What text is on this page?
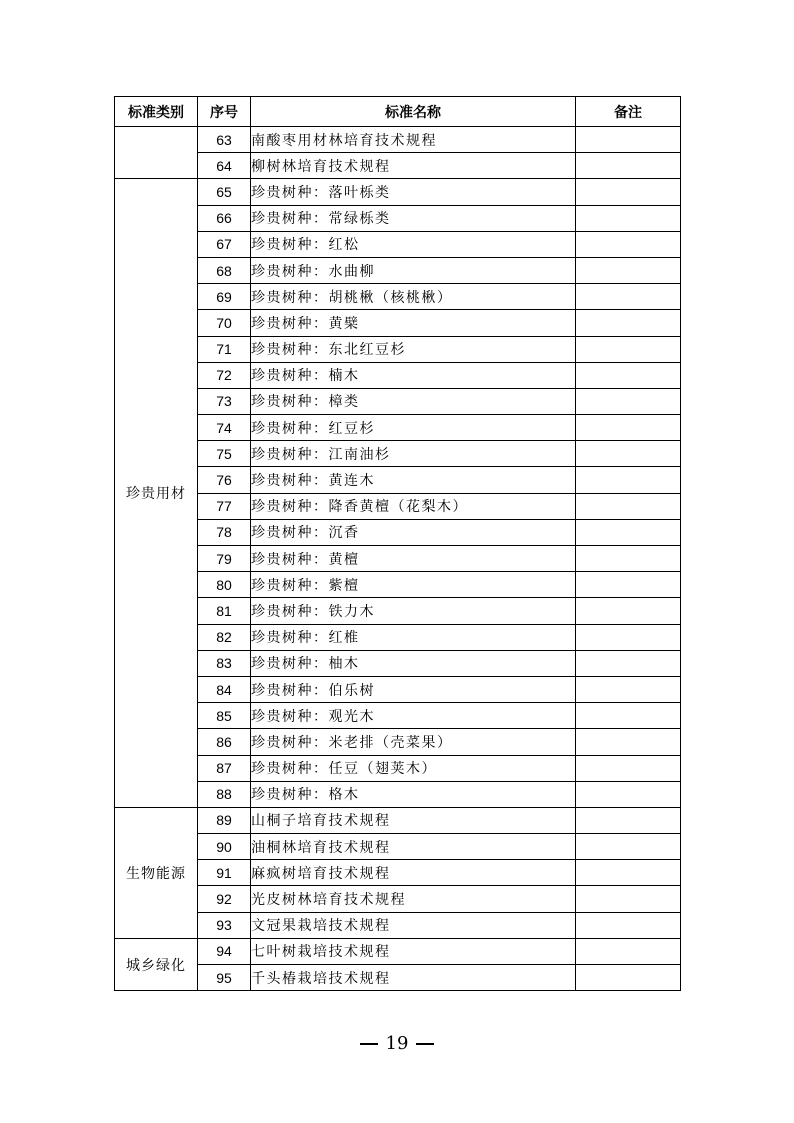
标准类别	序号	标准名称	备注
	63	南酸枣用材林培育技术规程	
	64	柳树林培育技术规程	
珍贵用材	65	珍贵树种：落叶栎类	
	66	珍贵树种：常绿栎类	
	67	珍贵树种：红松	
	68	珍贵树种：水曲柳	
	69	珍贵树种：胡桃楸（核桃楸）	
	70	珍贵树种：黄檗	
	71	珍贵树种：东北红豆杉	
	72	珍贵树种：楠木	
	73	珍贵树种：樟类	
	74	珍贵树种：红豆杉	
	75	珍贵树种：江南油杉	
	76	珍贵树种：黄连木	
	77	珍贵树种：降香黄檀（花梨木）	
	78	珍贵树种：沉香	
	79	珍贵树种：黄檀	
	80	珍贵树种：紫檀	
	81	珍贵树种：铁力木	
	82	珍贵树种：红椎	
	83	珍贵树种：柚木	
	84	珍贵树种：伯乐树	
	85	珍贵树种：观光木	
	86	珍贵树种：米老排（壳菜果）	
	87	珍贵树种：任豆（翅荚木）	
	88	珍贵树种：格木	
生物能源	89	山桐子培育技术规程	
	90	油桐林培育技术规程	
	91	麻疯树培育技术规程	
	92	光皮树林培育技术规程	
	93	文冠果栽培技术规程	
城乡绿化	94	七叶树栽培技术规程	
	95	千头椿栽培技术规程	
19
